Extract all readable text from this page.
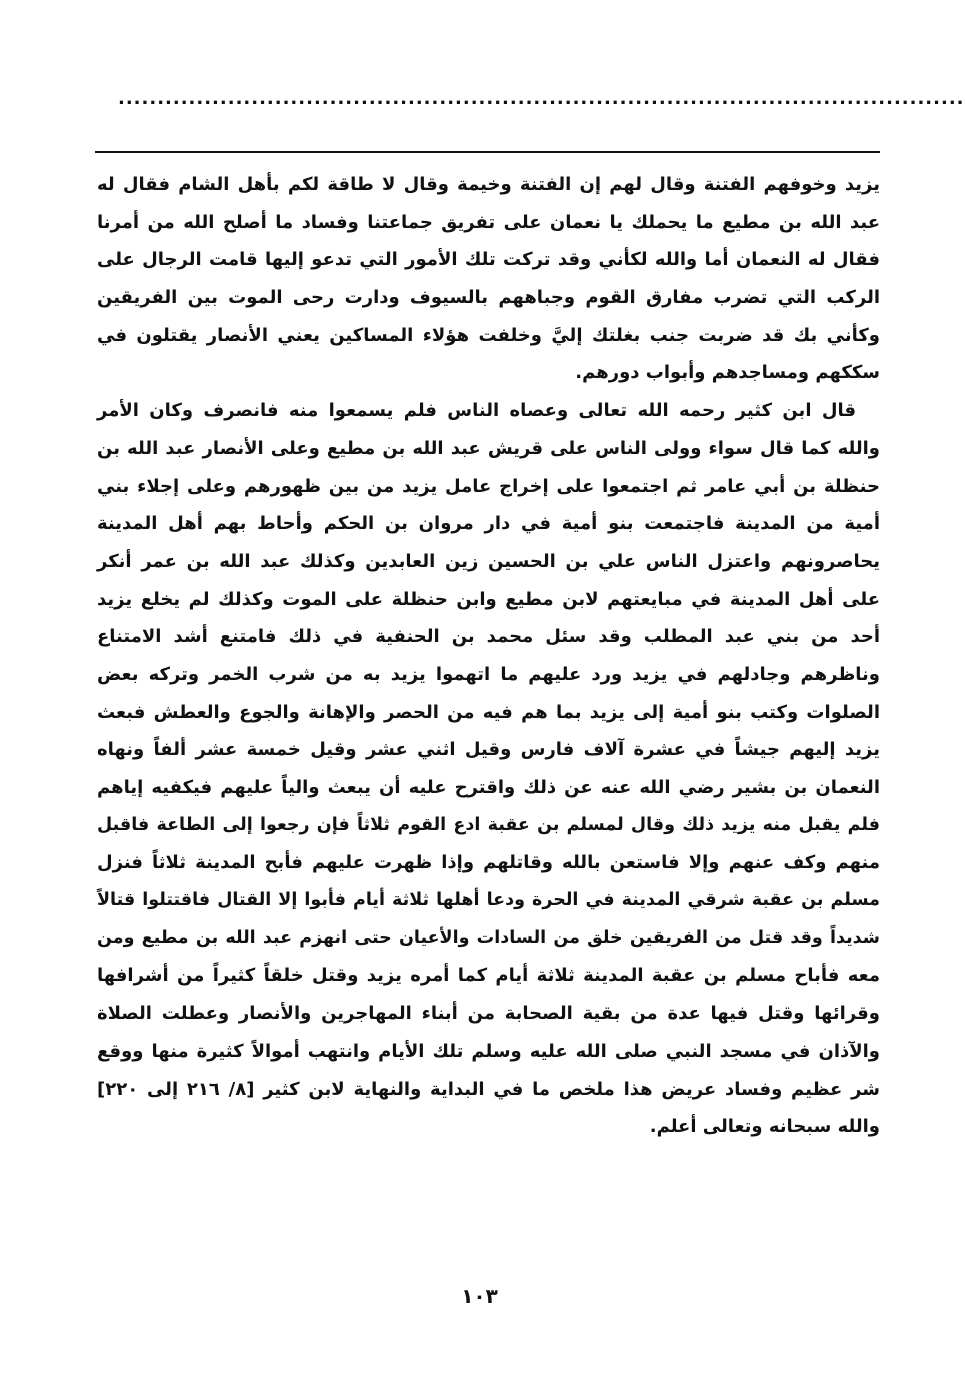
............................................................................................................
يزيد وخوفهم الفتنة وقال لهم إن الفتنة وخيمة وقال لا طاقة لكم بأهل الشام فقال له
عبد الله بن مطيع ما يحملك يا نعمان على تفريق جماعتنا وفساد ما أصلح الله من أمرنا
فقال له النعمان أما والله لكأني وقد تركت تلك الأمور التي تدعو إليها قامت الرجال على
الركب التي تضرب مفارق القوم وجباههم بالسيوف ودارت رحى الموت بين الفريقين
وكأني بك قد ضربت جنب بغلتك إليَّ وخلفت هؤلاء المساكين يعني الأنصار يقتلون في
سككهم ومساجدهم وأبواب دورهم.
قال ابن كثير رحمه الله تعالى وعصاه الناس فلم يسمعوا منه فانصرف وكان الأمر
والله كما قال سواء وولى الناس على قريش عبد الله بن مطيع وعلى الأنصار عبد الله بن
حنظلة بن أبي عامر ثم اجتمعوا على إخراج عامل يزيد من بين ظهورهم وعلى إجلاء بني
أمية من المدينة فاجتمعت بنو أمية في دار مروان بن الحكم وأحاط بهم أهل المدينة
يحاصرونهم واعتزل الناس علي بن الحسين زين العابدين وكذلك عبد الله بن عمر أنكر
على أهل المدينة في مبايعتهم لابن مطيع وابن حنظلة على الموت وكذلك لم يخلع يزيد
أحد من بني عبد المطلب وقد سئل محمد بن الحنفية في ذلك فامتنع أشد الامتناع
وناظرهم وجادلهم في يزيد ورد عليهم ما اتهموا يزيد به من شرب الخمر وتركه بعض
الصلوات وكتب بنو أمية إلى يزيد بما هم فيه من الحصر والإهانة والجوع والعطش فبعث
يزيد إليهم جيشاً في عشرة آلاف فارس وقيل اثني عشر وقيل خمسة عشر ألفاً ونهاه
النعمان بن بشير رضي الله عنه عن ذلك واقترح عليه أن يبعث والياً عليهم فيكفيه إياهم
فلم يقبل منه يزيد ذلك وقال لمسلم بن عقبة ادع القوم ثلاثاً فإن رجعوا إلى الطاعة فاقبل
منهم وكف عنهم وإلا فاستعن بالله وقاتلهم وإذا ظهرت عليهم فأبح المدينة ثلاثاً فنزل
مسلم بن عقبة شرقي المدينة في الحرة ودعا أهلها ثلاثة أيام فأبوا إلا القتال فاقتتلوا قتالاً
شديداً وقد قتل من الفريقين خلق من السادات والأعيان حتى انهزم عبد الله بن مطيع ومن
معه فأباح مسلم بن عقبة المدينة ثلاثة أيام كما أمره يزيد وقتل خلقاً كثيراً من أشرافها
وقرائها وقتل فيها عدة من بقية الصحابة من أبناء المهاجرين والأنصار وعطلت الصلاة
والآذان في مسجد النبي صلى الله عليه وسلم تلك الأيام وانتهب أموالاً كثيرة منها ووقع
شر عظيم وفساد عريض هذا ملخص ما في البداية والنهاية لابن كثير [٨/ ٢١٦ إلى ٢٢٠]
والله سبحانه وتعالى أعلم.
١٠٣
